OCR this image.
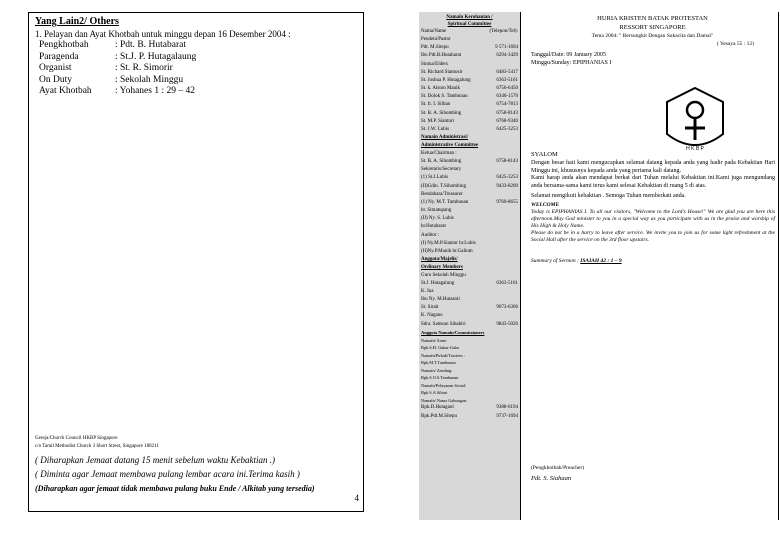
Yang Lain2/ Others
1. Pelayan dan Ayat Khotbah untuk minggu depan 16 Desember 2004 :
Pengkhotbah	: Pdt. B. Hutabarat
Paragenda	: St.J. P. Hutagalaung
Organist	: St. R. Simorir
On Duty	: Sekolah Minggu
Ayat Khotbah	: Yohanes 1 : 29 – 42
Gereja/Church Council HKBP Singapore
c/o Tamil Methodist Church 3 Short Street, Singapore 188211
( Diharapkan Jemaat datang 15 menit sebelum waktu Kebaktian .)
( Diminta agar Jemaat membawa pulang lembar acara ini.Terima kasih )
(Diharapkan agar jemaat tidak membawa pulang buku Ende / Alkitab yang tersedia)
4
Namaîn Kerohanian /
Spiritual Committee
Nama/Name	(Telepon/Tel):
Pendeta/Pastor
Pdt. M.Sitepu	9 571-1694
Ibu Pdt.B.Hutabarat	6294-3429
Sintua/Elders
St. Richard Siamosir	6483-5417
St. Joshua P. Hutagalung	6363-5161
St. k. Alston Manik	6756-6450
St. Dolok S. Tambunan	6346-1570
St. Ir. I. Silban	6754-7813
St. B. A. Sihombing	6758-8143
St. M.P. Sianturi	6768-9340
St. J.W. Lubis	6425-3253
Namaîn Administrasi/
Administrative Committee
Ketua/Chairman :
St. B. A. Sihombing	6758-8143
Sekretaris/Secretary
(1) St.J.Lubis	6425-3253
(II)Gdin. T.Sihombing	9433-8209
Bendahara/Treasurer
(1) Ny. M.T. Tambunan	9760-8655
br. Simatupang
(II) Ny. S. Lubis
br.Hutabarat
Auditor :
(I) Ny.M.P.Siantur br.Lubis
(II)Ny.P.Manik br.Galium
Anggota/Majelis/
Ordinary Members
Guru Sekolah Minggu
St.J. Hutagalung	6363-5161
K. Ina
Ibu Ny. M.Hutasoit
Sr. Sirait	9673-6306
K. Nagano
Sdra. Samsun Sibabiri	9843-5026
Anggota Namaîn/Commissioners
Namaîn/ Aone:
Bpk.S.H. Gukar-Guke
Namaîn/Ptrkab/Trustees :
Bpk.M.T.Tambunan
Namaîn/ Zending:
Bpk.S.O.S.Tambunan
Namaîn/Pelayanan Sosial:
Bpk.S.A.Siburi
Namaîn/ Namz Gahungan:
Bpk.D.Hutagaol	9388-6194
Bpk.Pdt.M.Sitepu	9737-1694
HURIA KRISTEN BATAK PROTESTAN
RESSORT SINGAPORE
Tema 2004: " Bersungkit Dengan Sukacita dan Damai"
( Yesaya 55 : 12)
Tanggal/Date: 09 January 2005
Minggu/Sunday: EPIPHANIAS I
H K B P
SYALOM
Dengan besar hati kami mengucapkan selamat datang kepada anda yang hadir pada Kebaktian Hari Minggu ini, khususnya kepada anda yang pertama kali datang.
Kami harap anda akan mendapat berkat dari Tuhan melalui Kebaktian ini.Kami juga mengundang anda bersama-sama kami terus kami selesai Kebaktian di ruang 5 di atas.
Selamat mengikuti kebaktian . Semoga Tuhan memberkati anda.
WELCOME
Today is EPIPHANIAS I. To all our visitors, "Welcome to the Lord's House!" We are glad you are here this afternoon.May God minister to you in a special way as you participate with us in the praise and worship of His High & Holy Name.
Please do not be in a hurry to leave after service. We invite you to join us for some light refreshment at the Social Hall after the service on the 3rd floor upstairs.
Summary of Sermon : ISAIAH 42 : 1 – 9
(Pengkhotbah/Preacher)
Pdt. S. Siahaan
